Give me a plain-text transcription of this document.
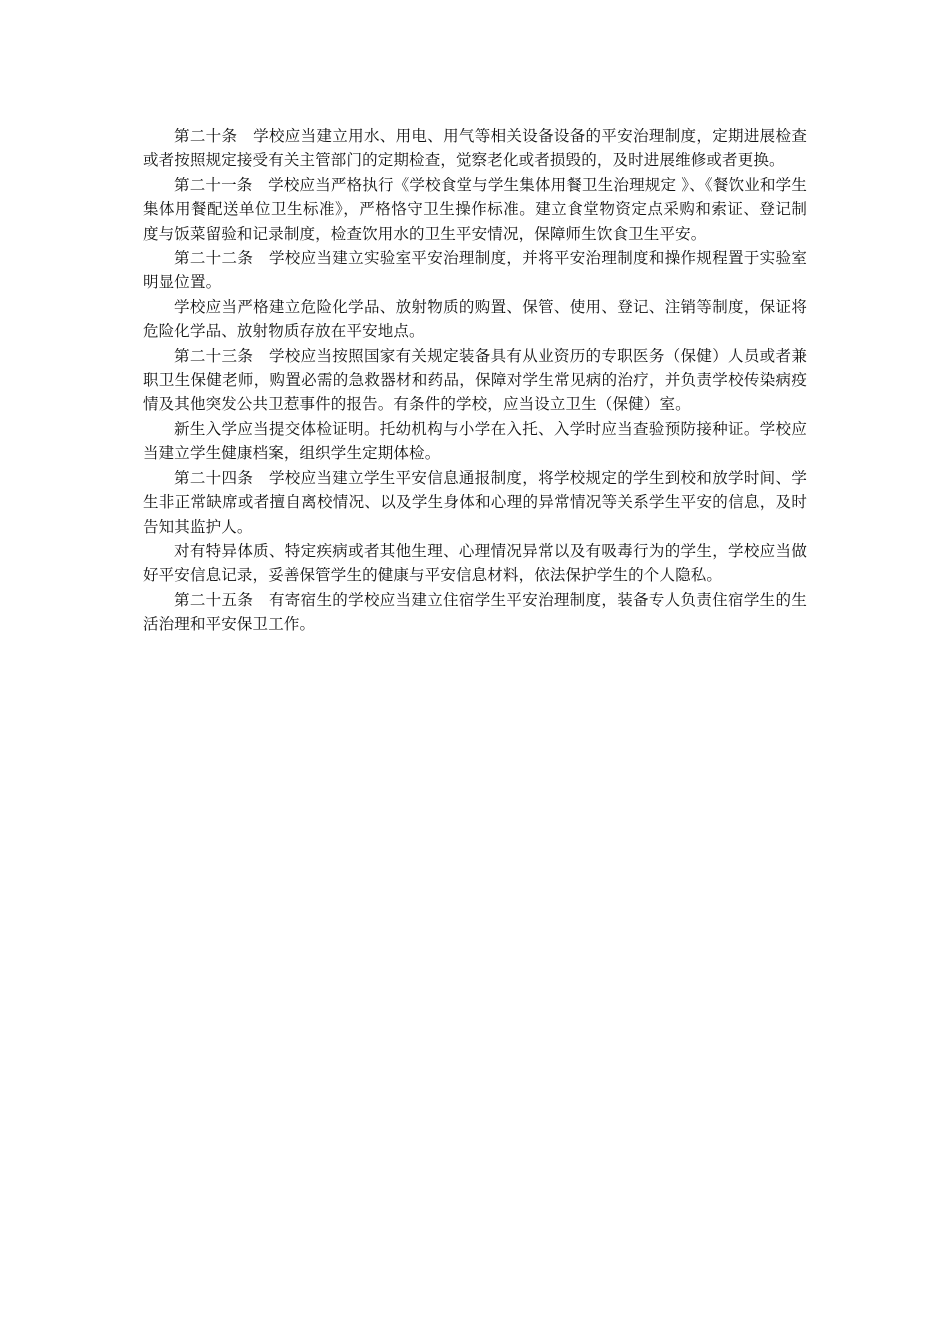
第二十条　学校应当建立用水、用电、用气等相关设备设备的平安治理制度，定期进展检查或者按照规定接受有关主管部门的定期检查，觉察老化或者损毁的，及时进展维修或者更换。

第二十一条　学校应当严格执行《学校食堂与学生集体用餐卫生治理规定 》、《餐饮业和学生集体用餐配送单位卫生标准》，严格恪守卫生操作标准。建立食堂物资定点采购和索证、登记制度与饭菜留验和记录制度，检查饮用水的卫生平安情况，保障师生饮食卫生平安。

第二十二条　学校应当建立实验室平安治理制度，并将平安治理制度和操作规程置于实验室明显位置。

学校应当严格建立危险化学品、放射物质的购置、保管、使用、登记、注销等制度，保证将危险化学品、放射物质存放在平安地点。

第二十三条　学校应当按照国家有关规定装备具有从业资历的专职医务（保健）人员或者兼职卫生保健老师，购置必需的急救器材和药品，保障对学生常见病的治疗，并负责学校传染病疫情及其他突发公共卫惹事件的报告。有条件的学校，应当设立卫生（保健）室。

新生入学应当提交体检证明。托幼机构与小学在入托、入学时应当查验预防接种证。学校应当建立学生健康档案，组织学生定期体检。

第二十四条　学校应当建立学生平安信息通报制度，将学校规定的学生到校和放学时间、学生非正常缺席或者擅自离校情况、以及学生身体和心理的异常情况等关系学生平安的信息，及时告知其监护人。

对有特异体质、特定疾病或者其他生理、心理情况异常以及有吸毒行为的学生，学校应当做好平安信息记录，妥善保管学生的健康与平安信息材料，依法保护学生的个人隐私。

第二十五条　有寄宿生的学校应当建立住宿学生平安治理制度，装备专人负责住宿学生的生活治理和平安保卫工作。
